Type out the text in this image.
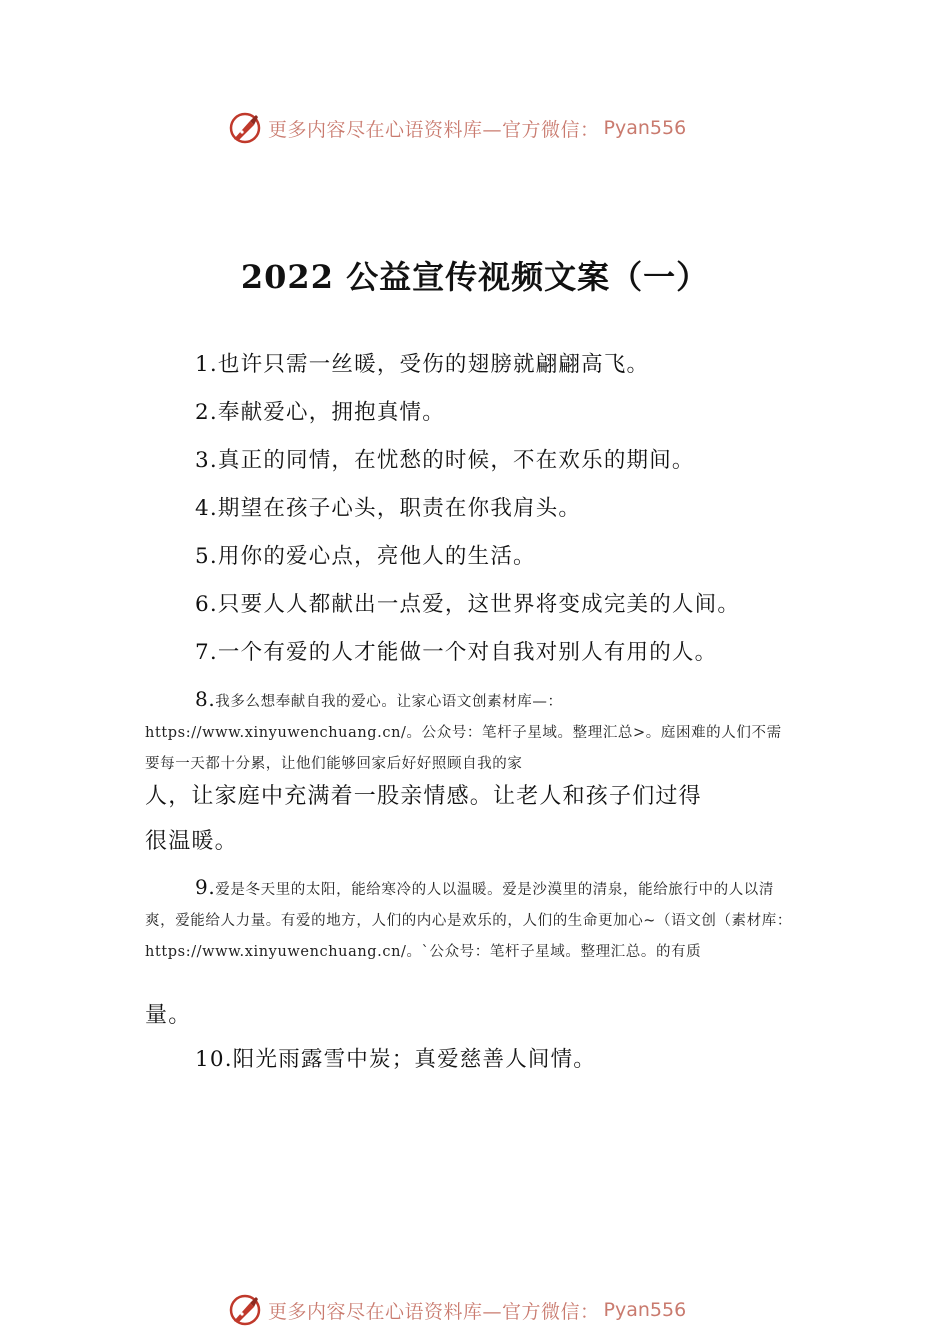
更多内容尽在心语资料库—官方微信： Pyan556
2022 公益宣传视频文案（一）
1.也许只需一丝暖，受伤的翅膀就翩翩高飞。
2.奉献爱心，拥抱真情。
3.真正的同情，在忧愁的时候，不在欢乐的期间。
4.期望在孩子心头，职责在你我肩头。
5.用你的爱心点，亮他人的生活。
6.只要人人都献出一点爱，这世界将变成完美的人间。
7.一个有爱的人才能做一个对自我对别人有用的人。
8.我多么想奉献自我的爱心。让家心语文创素材库—：https://www.xinyuwenchuang.cn/。公众号：笔杆子星域。整理汇总>。庭困难的人们不需要每一天都十分累，让他们能够回家后好好照顾自我的家
人，让家庭中充满着一股亲情感。让老人和孩子们过得
很温暖。
9.爱是冬天里的太阳，能给寒冷的人以温暖。爱是沙漠里的清泉，能给旅行中的人以清爽，爱能给人力量。有爱的地方，人们的内心是欢乐的，人们的生命更加心~（语文创（素材库：https://www.xinyuwenchuang.cn/。`公众号：笔杆子星域。整理汇总。的有质
量。
10.阳光雨露雪中炭；真爱慈善人间情。
更多内容尽在心语资料库—官方微信： Pyan556
